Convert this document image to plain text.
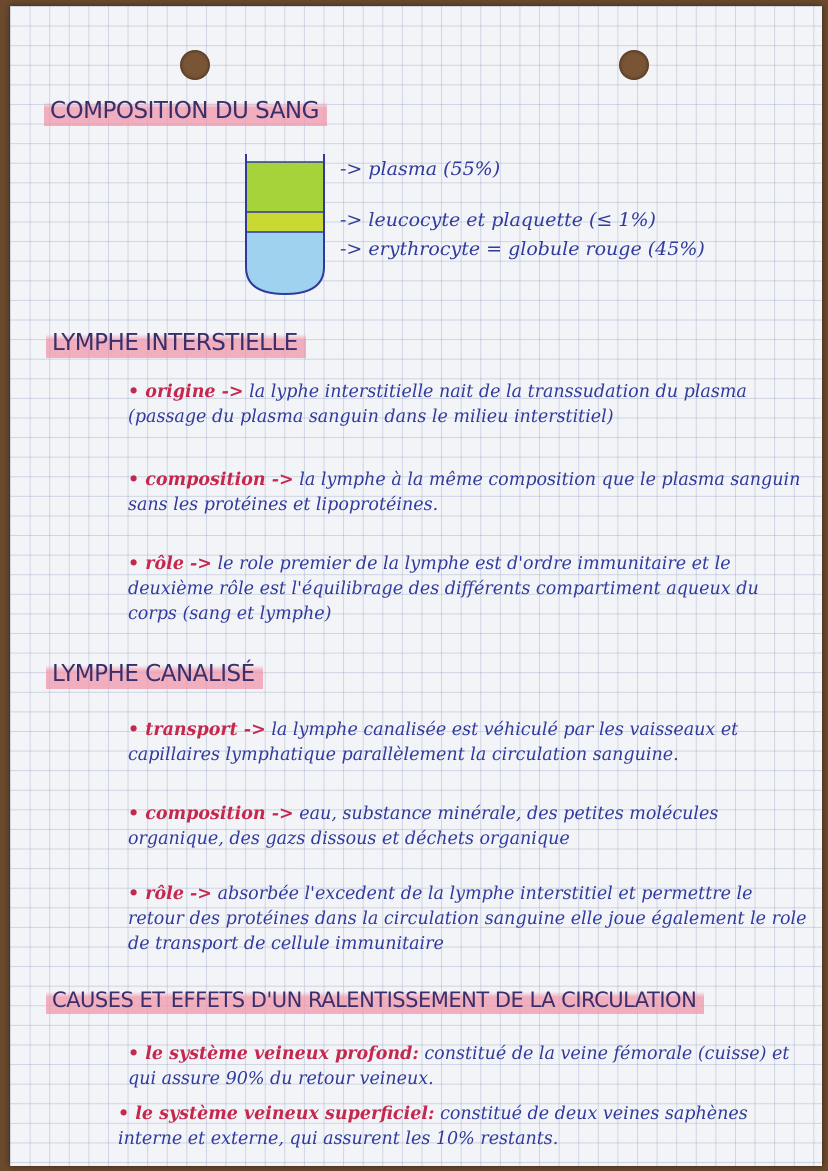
COMPOSITION DU SANG
-> plasma (55%)
-> leucocyte et plaquette (≤ 1%)
-> erythrocyte = globule rouge (45%)
LYMPHE INTERSTIELLE
• origine -> la lyphe interstitielle nait de la transsudation du plasma (passage du plasma sanguin dans le milieu interstitiel)
• composition -> la lymphe à la même composition que le plasma sanguin sans les protéines et lipoprotéines.
• rôle -> le role premier de la lymphe est d'ordre immunitaire et le deuxième rôle est l'équilibrage des différents compartiment aqueux du corps (sang et lymphe)
LYMPHE CANALISÉ
• transport -> la lymphe canalisée est véhiculé par les vaisseaux et capillaires lymphatique parallèlement la circulation sanguine.
• composition -> eau, substance minérale, des petites molécules organique, des gazs dissous et déchets organique
• rôle -> absorbée l'excedent de la lymphe interstitiel et permettre le retour des protéines dans la circulation sanguine elle joue également le role de transport de cellule immunitaire
CAUSES ET EFFETS D'UN RALENTISSEMENT DE LA CIRCULATION
• le système veineux profond: constitué de la veine fémorale (cuisse) et qui assure 90% du retour veineux.
• le système veineux superficiel: constitué de deux veines saphènes interne et externe, qui assurent les 10% restants.
